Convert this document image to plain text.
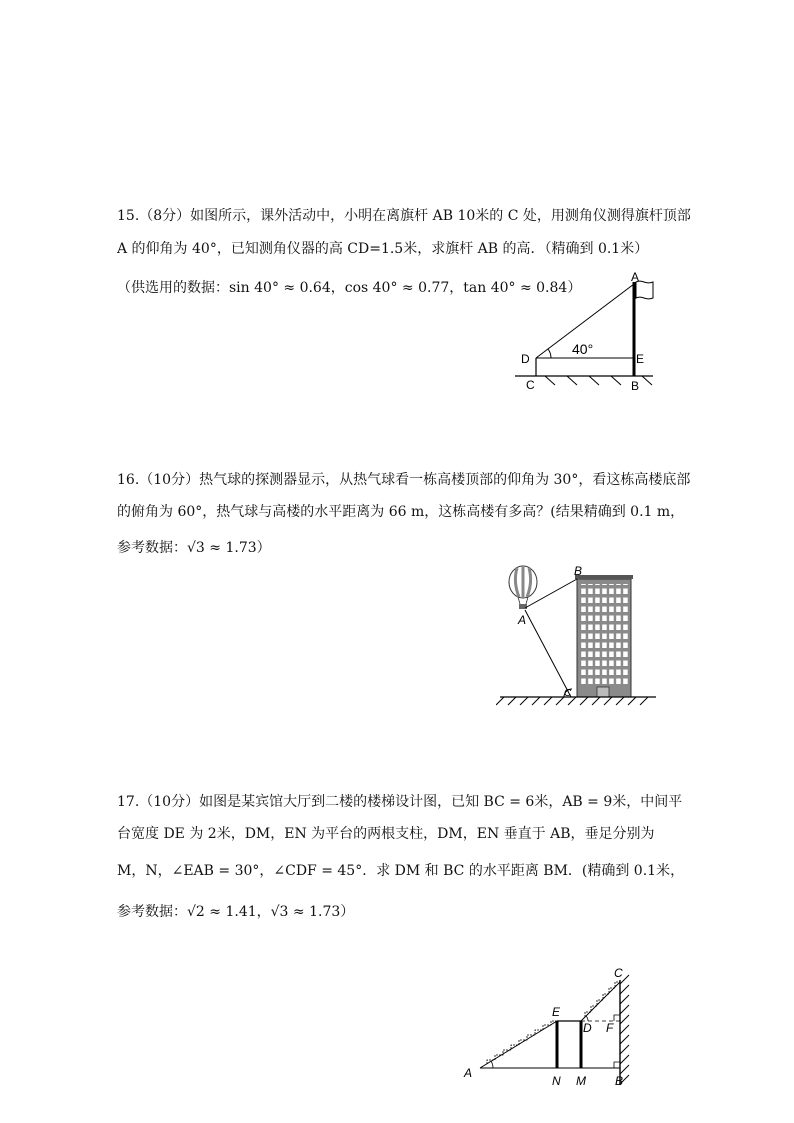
15.（8分）如图所示，课外活动中，小明在离旗杆 AB 10米的 C 处，用测角仪测得旗杆顶部
A 的仰角为 40°，已知测角仪器的高 CD=1.5米，求旗杆 AB 的高．（精确到 0.1米）
（供选用的数据：sin 40° ≈ 0.64，cos 40° ≈ 0.77，tan 40° ≈ 0.84）
40°
A
D	E
C	B
16.（10分）热气球的探测器显示，从热气球看一栋高楼顶部的仰角为 30°，看这栋高楼底部
的俯角为 60°，热气球与高楼的水平距离为 66 m，这栋高楼有多高？(结果精确到 0.1 m，
参考数据：√3 ≈ 1.73）
A
B
C
17.（10分）如图是某宾馆大厅到二楼的楼梯设计图，已知 BC = 6米，AB = 9米，中间平
台宽度 DE 为 2米，DM，EN 为平台的两根支柱，DM，EN 垂直于 AB，垂足分别为
M，N，∠EAB = 30°，∠CDF = 45°．求 DM 和 BC 的水平距离 BM．(精确到 0.1米，
参考数据：√2 ≈ 1.41，√3 ≈ 1.73）
A
N M B
E
D F
C
